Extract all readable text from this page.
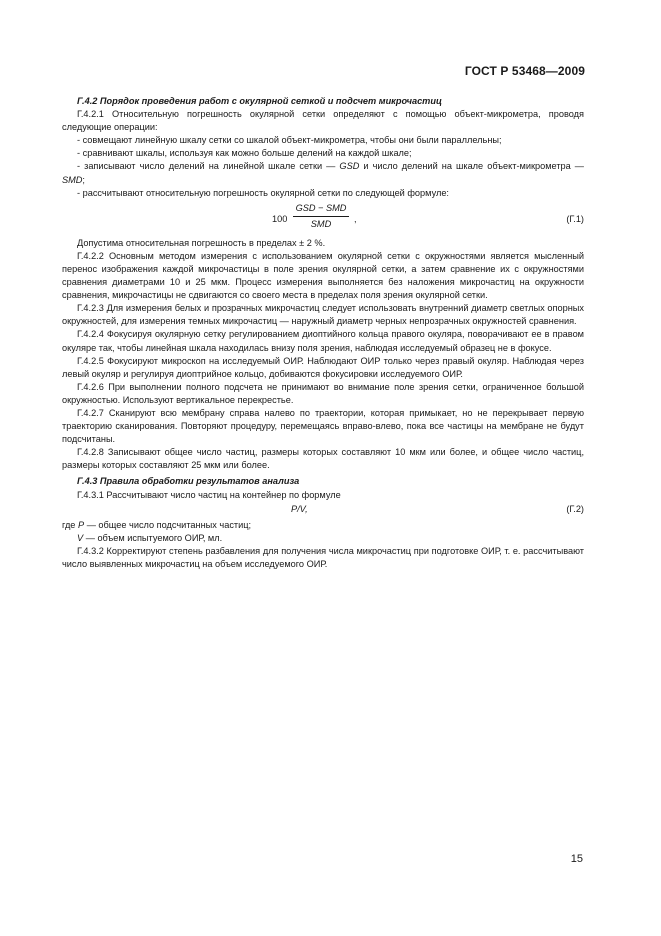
ГОСТ Р 53468—2009

Г.4.2 Порядок проведения работ с окулярной сеткой и подсчет микрочастиц

Г.4.2.1 Относительную погрешность окулярной сетки определяют с помощью объект-микрометра, проводя следующие операции:

- совмещают линейную шкалу сетки со шкалой объект-микрометра, чтобы они были параллельны;

- сравнивают шкалы, используя как можно больше делений на каждой шкале;

- записывают число делений на линейной шкале сетки — GSD и число делений на шкале объект-микрометра — SMD;

- рассчитывают относительную погрешность окулярной сетки по следующей формуле:

100
GSD − SMD
SMD
,	(Г.1)

Допустима относительная погрешность в пределах ± 2 %.

Г.4.2.2 Основным методом измерения с использованием окулярной сетки с окружностями является мысленный перенос изображения каждой микрочастицы в поле зрения окулярной сетки, а затем сравнение их с окружностями сравнения диаметрами 10 и 25 мкм. Процесс измерения выполняется без наложения микрочастиц на окружности сравнения, микрочастицы не сдвигаются со своего места в пределах поля зрения окулярной сетки.

Г.4.2.3 Для измерения белых и прозрачных микрочастиц следует использовать внутренний диаметр светлых опорных окружностей, для измерения темных микрочастиц — наружный диаметр черных непрозрачных окружностей сравнения.

Г.4.2.4 Фокусируя окулярную сетку регулированием диоптийного кольца правого окуляра, поворачивают ее в правом окуляре так, чтобы линейная шкала находилась внизу поля зрения, наблюдая исследуемый образец не в фокусе.

Г.4.2.5 Фокусируют микроскоп на исследуемый ОИР. Наблюдают ОИР только через правый окуляр. Наблюдая через левый окуляр и регулируя диоптрийное кольцо, добиваются фокусировки исследуемого ОИР.

Г.4.2.6 При выполнении полного подсчета не принимают во внимание поле зрения сетки, ограниченное большой окружностью. Используют вертикальное перекрестье.

Г.4.2.7 Сканируют всю мембрану справа налево по траектории, которая примыкает, но не перекрывает первую траекторию сканирования. Повторяют процедуру, перемещаясь вправо-влево, пока все частицы на мембране не будут подсчитаны.

Г.4.2.8 Записывают общее число частиц, размеры которых составляют 10 мкм или более, и общее число частиц, размеры которых составляют 25 мкм или более.

Г.4.3 Правила обработки результатов анализа

Г.4.3.1 Рассчитывают число частиц на контейнер по формуле

P/V,	(Г.2)

где P — общее число подсчитанных частиц;

V — объем испытуемого ОИР, мл.

Г.4.3.2 Корректируют степень разбавления для получения числа микрочастиц при подготовке ОИР, т. е. рассчитывают число выявленных микрочастиц на объем исследуемого ОИР.

15
